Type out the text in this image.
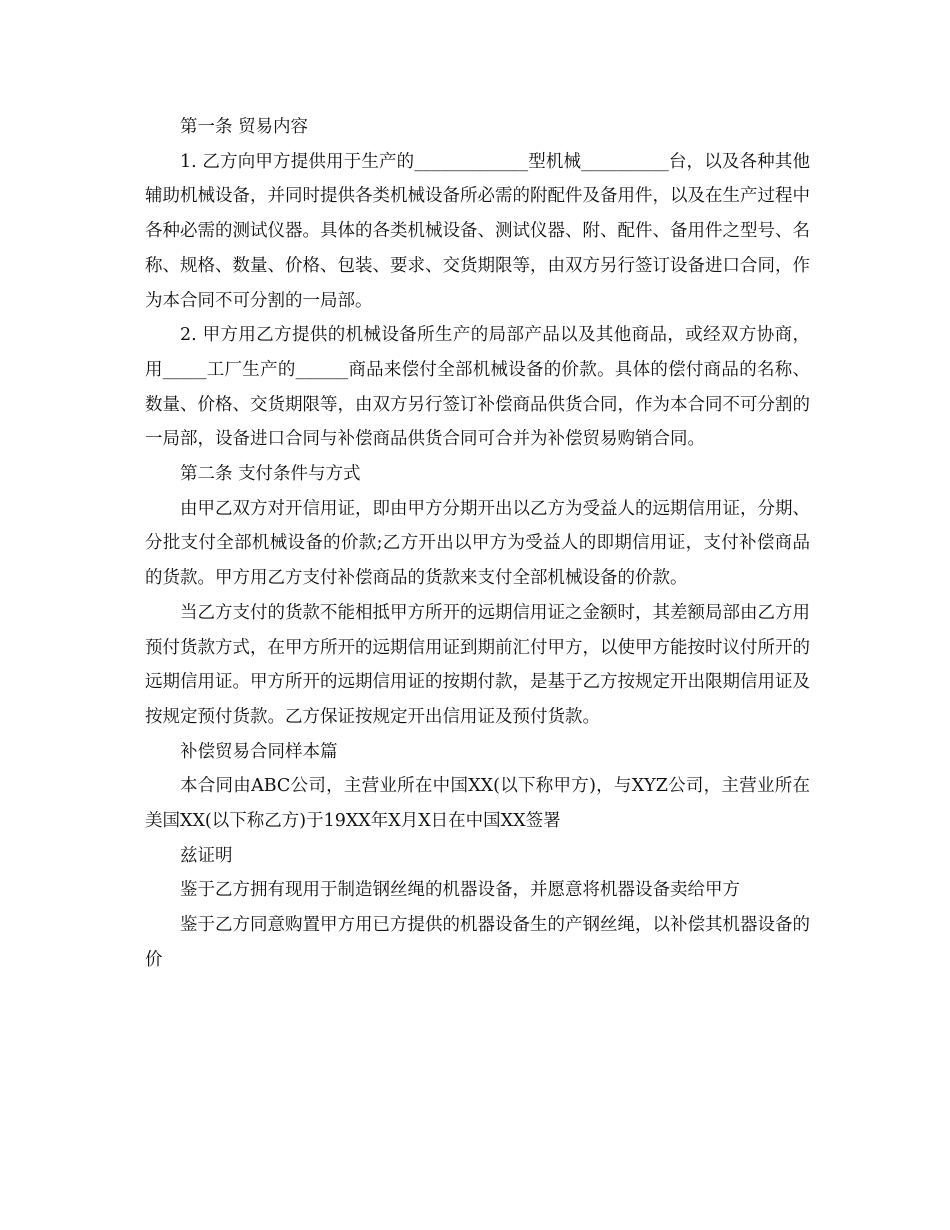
第一条 贸易内容

1. 乙方向甲方提供用于生产的_____________型机械__________台，以及各种其他辅助机械设备，并同时提供各类机械设备所必需的附配件及备用件，以及在生产过程中各种必需的测试仪器。具体的各类机械设备、测试仪器、附、配件、备用件之型号、名称、规格、数量、价格、包装、要求、交货期限等，由双方另行签订设备进口合同，作为本合同不可分割的一局部。

2. 甲方用乙方提供的机械设备所生产的局部产品以及其他商品，或经双方协商，用_____工厂生产的______商品来偿付全部机械设备的价款。具体的偿付商品的名称、数量、价格、交货期限等，由双方另行签订补偿商品供货合同，作为本合同不可分割的一局部，设备进口合同与补偿商品供货合同可合并为补偿贸易购销合同。

第二条 支付条件与方式

由甲乙双方对开信用证，即由甲方分期开出以乙方为受益人的远期信用证，分期、分批支付全部机械设备的价款;乙方开出以甲方为受益人的即期信用证，支付补偿商品的货款。甲方用乙方支付补偿商品的货款来支付全部机械设备的价款。

当乙方支付的货款不能相抵甲方所开的远期信用证之金额时，其差额局部由乙方用预付货款方式，在甲方所开的远期信用证到期前汇付甲方，以使甲方能按时议付所开的远期信用证。甲方所开的远期信用证的按期付款，是基于乙方按规定开出限期信用证及按规定预付货款。乙方保证按规定开出信用证及预付货款。

补偿贸易合同样本篇

本合同由ABC公司，主营业所在中国XX(以下称甲方)，与XYZ公司，主营业所在美国XX(以下称乙方)于19XX年X月X日在中国XX签署

兹证明

鉴于乙方拥有现用于制造钢丝绳的机器设备，并愿意将机器设备卖给甲方

鉴于乙方同意购置甲方用已方提供的机器设备生的产钢丝绳，以补偿其机器设备的价
